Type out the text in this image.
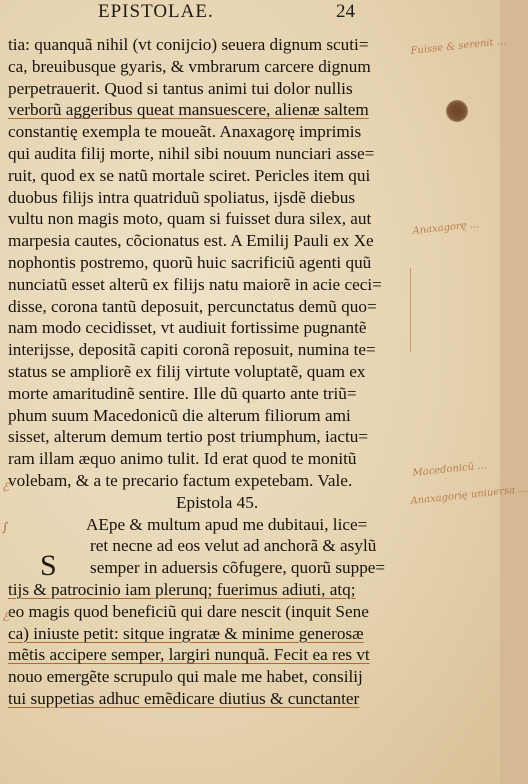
EPISTOLAE.	24
tia: quanquã nihil (vt conijcio) seuera dignum scuti=
ca, breuibusque gyaris, & vmbrarum carcere dignum
perpetrauerit. Quod si tantus animi tui dolor nullis
verborũ aggeribus queat mansuescere, alienæ saltem
constantię exempla te moueãt. Anaxagorę imprimis
qui audita filij morte, nihil sibi nouum nunciari asse=
ruit, quod ex se natũ mortale sciret. Pericles item qui
duobus filijs intra quatriduũ spoliatus, ijsdẽ diebus
vultu non magis moto, quam si fuisset dura silex, aut
marpesia cautes, cõcionatus est. A Emilij Pauli ex Xe
nophontis postremo, quorũ huic sacrificiũ agenti quũ
nunciatũ esset alterũ ex filijs natu maiorẽ in acie ceci=
disse, corona tantũ deposuit, percunctatus demũ quo=
nam modo cecidisset, vt audiuit fortissime pugnantẽ
interijsse, depositã capiti coronã reposuit, numina te=
status se ampliorẽ ex filij virtute voluptatẽ, quam ex
morte amaritudinẽ sentire. Ille dũ quarto ante triũ=
phum suum Macedonicũ die alterum filiorum ami
sisset, alterum demum tertio post triumphum, iactu=
ram illam æquo animo tulit. Id erat quod te monitũ
volebam, & a te precario factum expetebam. Vale.
Epistola 45.
AEpe & multum apud me dubitaui, lice=
ret necne ad eos velut ad anchorã & asylũ
semper in aduersis cõfugere, quorũ suppe=
tijs & patrocinio iam plerunq; fuerimus adiuti, atq;
eo magis quod beneficiũ qui dare nescit (inquit Sene
ca) iniuste petit: sitque ingratæ & minime generosæ
mẽtis accipere semper, largiri nunquã. Fecit ea res vt
nouo emergẽte scrupulo qui male me habet, consilij
tui suppetias adhuc emẽdicare diutius & cunctanter
S
Fuisse & serenit ...
Anaxagorę ...
Macedonicũ ...
Anaxagorię uniuersa ...
ℰ
∫
ℰ
